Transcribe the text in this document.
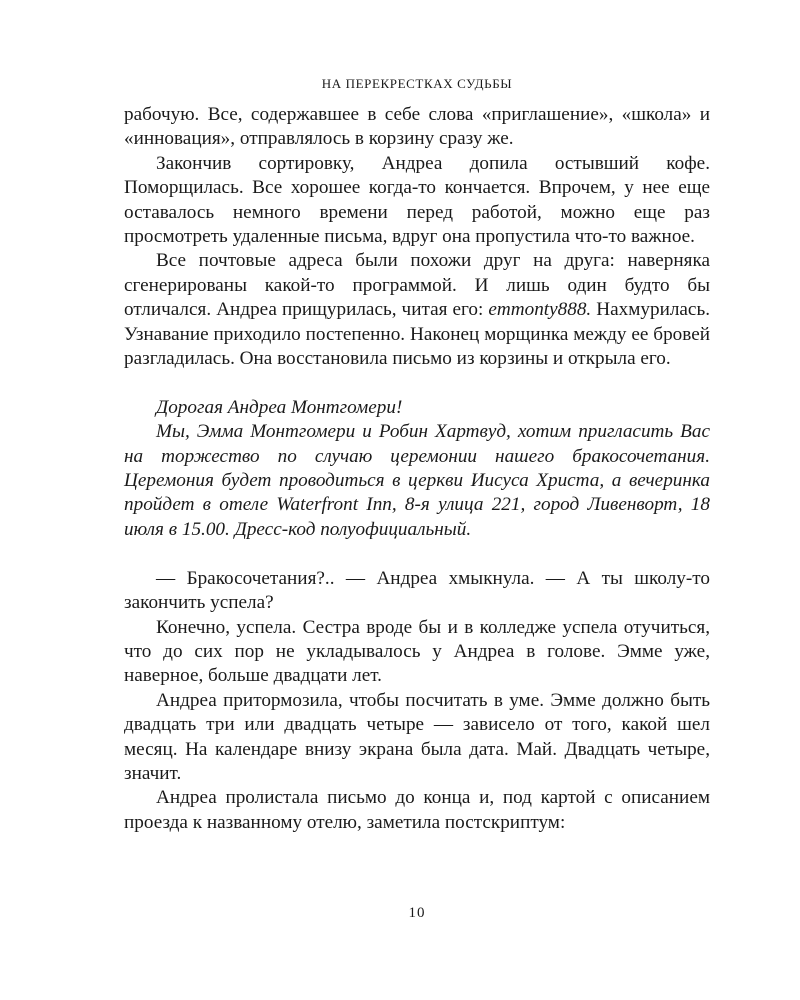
НА ПЕРЕКРЕСТКАХ СУДЬБЫ

рабочую. Все, содержавшее в себе слова «приглашение», «школа» и «инновация», отправлялось в корзину сразу же.

Закончив сортировку, Андреа допила остывший кофе. Поморщилась. Все хорошее когда-то кончается. Впрочем, у нее еще оставалось немного времени перед работой, можно еще раз просмотреть удаленные письма, вдруг она пропустила что-то важное.

Все почтовые адреса были похожи друг на друга: наверняка сгенерированы какой-то программой. И лишь один будто бы отличался. Андреа прищурилась, читая его: emmonty888. Нахмурилась. Узнавание приходило постепенно. Наконец морщинка между ее бровей разгладилась. Она восстановила письмо из корзины и открыла его.

Дорогая Андреа Монтгомери!

Мы, Эмма Монтгомери и Робин Хартвуд, хотим пригласить Вас на торжество по случаю церемонии нашего бракосочетания. Церемония будет проводиться в церкви Иисуса Христа, а вечеринка пройдет в отеле Waterfront Inn, 8-я улица 221, город Ливенворт, 18 июля в 15.00. Дресс-код полуофициальный.

— Бракосочетания?.. — Андреа хмыкнула. — А ты школу-то закончить успела?

Конечно, успела. Сестра вроде бы и в колледже успела отучиться, что до сих пор не укладывалось у Андреа в голове. Эмме уже, наверное, больше двадцати лет.

Андреа притормозила, чтобы посчитать в уме. Эмме должно быть двадцать три или двадцать четыре — зависело от того, какой шел месяц. На календаре внизу экрана была дата. Май. Двадцать четыре, значит.

Андреа пролистала письмо до конца и, под картой с описанием проезда к названному отелю, заметила постскриптум:

10
